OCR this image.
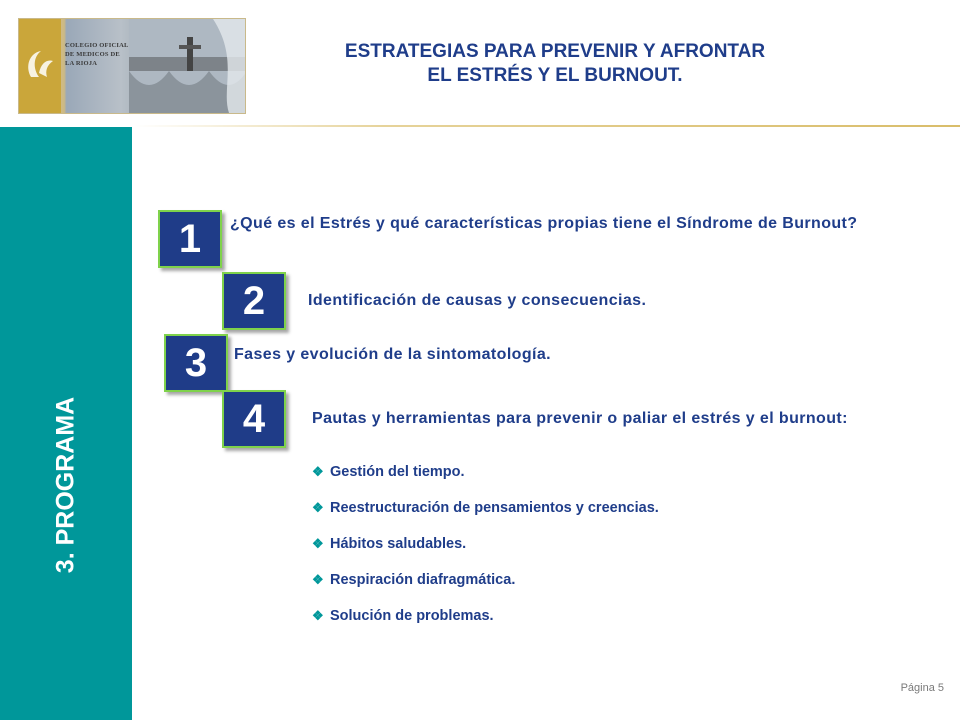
COLEGIO OFICIAL
DE MEDICOS DE
LA RIOJA
ESTRATEGIAS PARA PREVENIR Y AFRONTAR
EL ESTRÉS Y EL BURNOUT.
3. PROGRAMA
1	¿Qué es el Estrés y qué características propias tiene el Síndrome de Burnout?
2	Identificación de causas y consecuencias.
3	Fases y evolución de la sintomatología.
4	Pautas y herramientas para prevenir o paliar el estrés y el burnout:
❖ Gestión del tiempo.
❖ Reestructuración de pensamientos y creencias.
❖ Hábitos saludables.
❖ Respiración diafragmática.
❖ Solución de problemas.
Página 5
